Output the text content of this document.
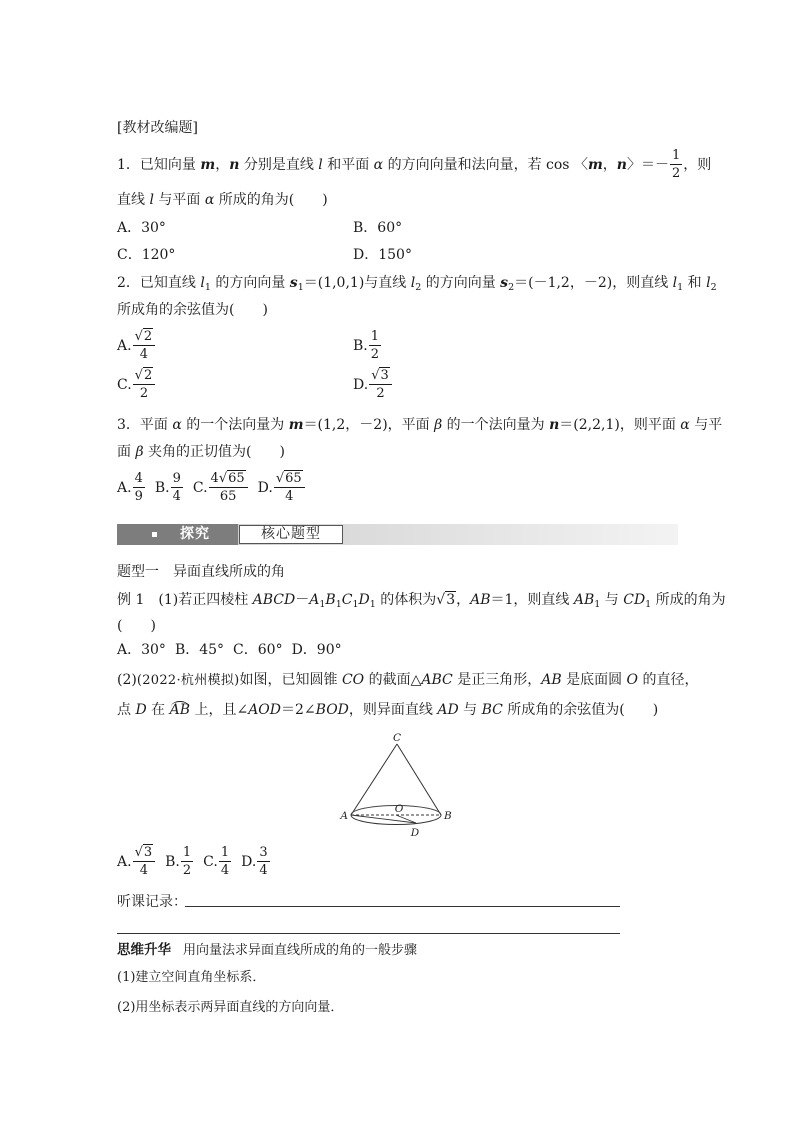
[教材改编题]
1．已知向量 m，n 分别是直线 l 和平面 α 的方向向量和法向量，若 cos 〈m，n〉＝－ $\frac{1}{2}$ ，则
直线 l 与平面 α 所成的角为(　　)
A．30°	B．60°
C．120°	D．150°
2．已知直线 $l_1$ 的方向向量 $s_1=(1,0,1)$与直线 $l_2$ 的方向向量 $s_2=(-1,2$，－2)，则直线 $l_1$ 和 $l_2$
所成角的余弦值为(　　)
A. $\frac{√2}{4}$	B. $\frac{1}{2}$
C. $\frac{√2}{2}$	D. $\frac{√3}{2}$
3．平面 α 的一个法向量为 m＝(1,2，－2)，平面 β 的一个法向量为 n＝(2,2,1)，则平面 α 与平
面 β 夹角的正切值为(　　)
A. $\frac{4}{9} B$. $\frac{9}{4} C$. $\frac{4√65}{65} D$. $\frac{√65}{4}$
探究	核心题型
题型一　异面直线所成的角
例 1　(1)若正四棱柱 $ABCD-A_1B_1C_1D_1$ 的体积为√3，AB＝1，则直线 $AB_1$ 与 $CD_1$ 所成的角为
(　　)
A．30° B．45° C．60° D．90°
(2)(2022·杭州模拟)如图，已知圆锥 CO 的截面△ABC 是正三角形，AB 是底面圆 O 的直径，
点 D 在 AB 上，且∠AOD＝2∠BOD，则异面直线 AD 与 BC 所成角的余弦值为(　　)
C
O
A	B
D
A. $\frac{√3}{4} B$. $\frac{1}{2} C$. $\frac{1}{4} D$. $\frac{3}{4}$
听课记录：
思维升华 用向量法求异面直线所成的角的一般步骤
(1)建立空间直角坐标系．
(2)用坐标表示两异面直线的方向向量．
